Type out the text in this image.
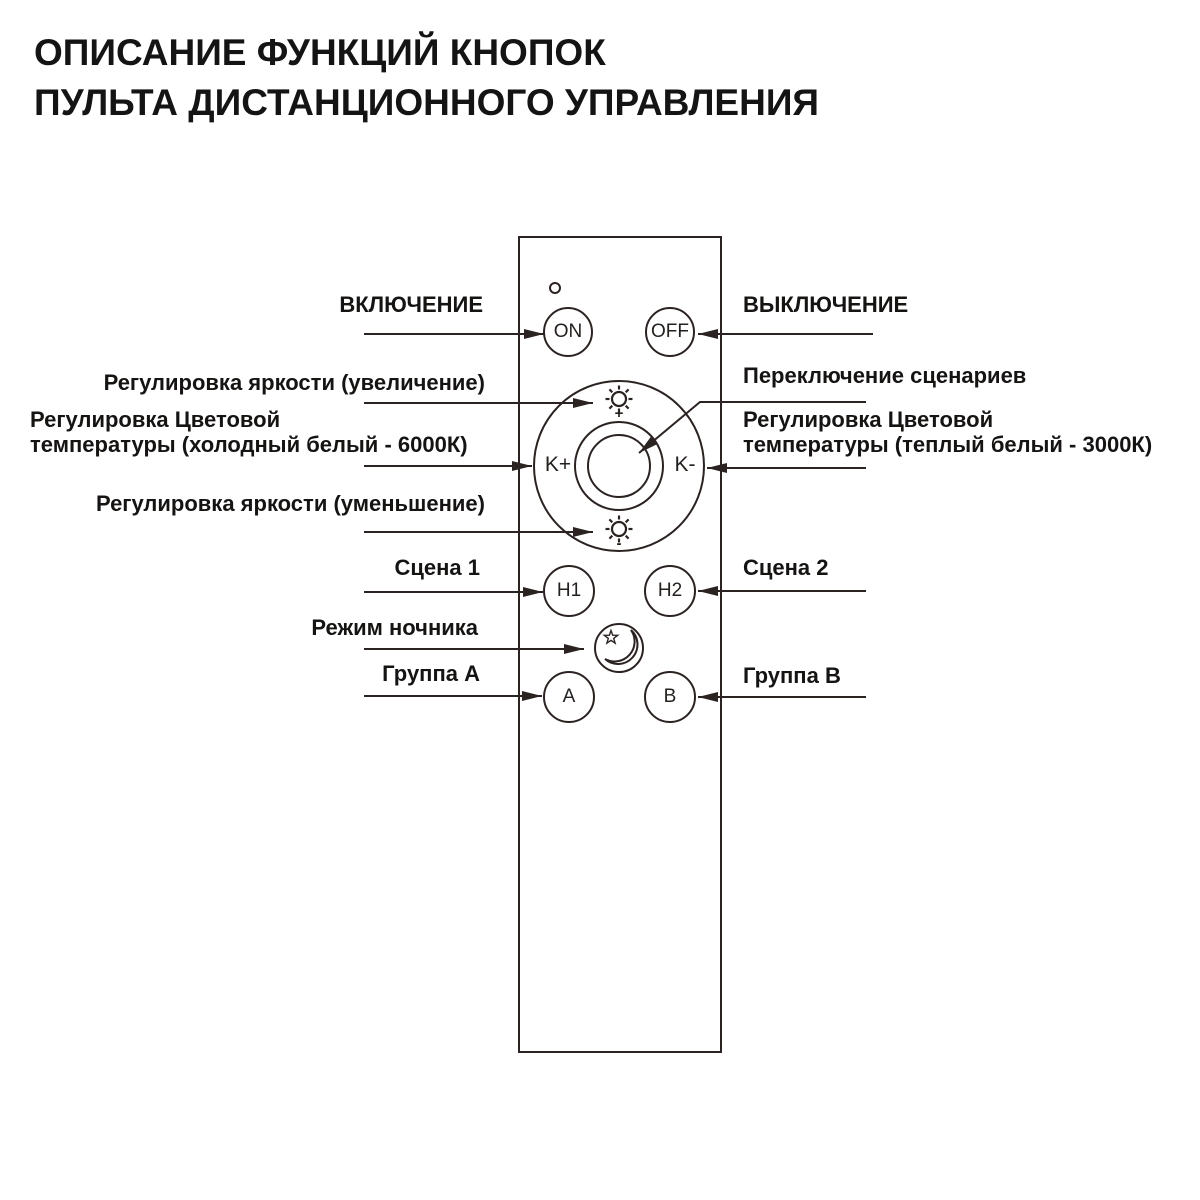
ОПИСАНИЕ ФУНКЦИЙ КНОПОК
ПУЛЬТА ДИСТАНЦИОННОГО УПРАВЛЕНИЯ
ВКЛЮЧЕНИЕ
Регулировка яркости (увеличение)
Регулировка Цветовой
температуры (холодный белый - 6000К)
Регулировка яркости (уменьшение)
Сцена 1
Режим ночника
Группа А
ВЫКЛЮЧЕНИЕ
Переключение сценариев
Регулировка Цветовой
температуры (теплый белый - 3000К)
Сцена 2
Группа В
ON	OFF
K+	K-
H1	H2
A	B
+
-
